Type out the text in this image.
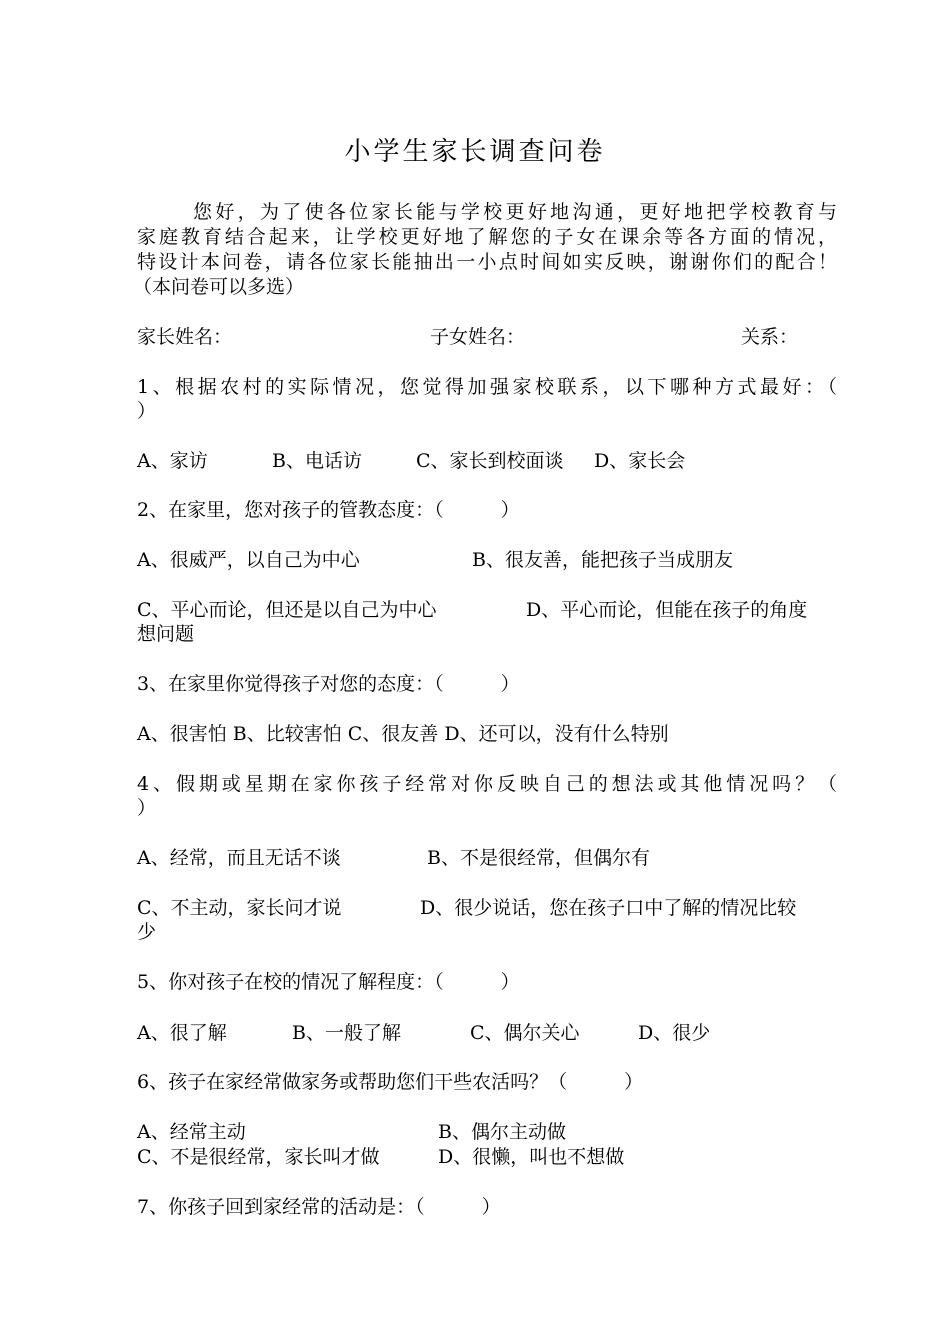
小学生家长调查问卷
您好，为了使各位家长能与学校更好地沟通，更好地把学校教育与
家庭教育结合起来，让学校更好地了解您的子女在课余等各方面的情况，
特设计本问卷，请各位家长能抽出一小点时间如实反映，谢谢你们的配合！
（本问卷可以多选）
家长姓名：	子女姓名：	关系：
1、根据农村的实际情况，您觉得加强家校联系，以下哪种方式最好：（
）
A、家访	B、电话访	C、家长到校面谈 D、家长会
2、在家里，您对孩子的管教态度：（　　　）
A、很威严，以自己为中心	B、很友善，能把孩子当成朋友
C、平心而论，但还是以自己为中心	D、平心而论，但能在孩子的角度
想问题
3、在家里你觉得孩子对您的态度：（　　　）
A、很害怕 B、比较害怕 C、很友善 D、还可以，没有什么特别
4、假期或星期在家你孩子经常对你反映自己的想法或其他情况吗？（
）
A、经常，而且无话不谈	B、不是很经常，但偶尔有
C、不主动，家长问才说	D、很少说话，您在孩子口中了解的情况比较
少
5、你对孩子在校的情况了解程度：（　　　）
A、很了解	B、一般了解	C、偶尔关心	D、很少
6、孩子在家经常做家务或帮助您们干些农活吗？（　　　）
A、经常主动	B、偶尔主动做
C、不是很经常，家长叫才做	D、很懒，叫也不想做
7、你孩子回到家经常的活动是：（　　　）
